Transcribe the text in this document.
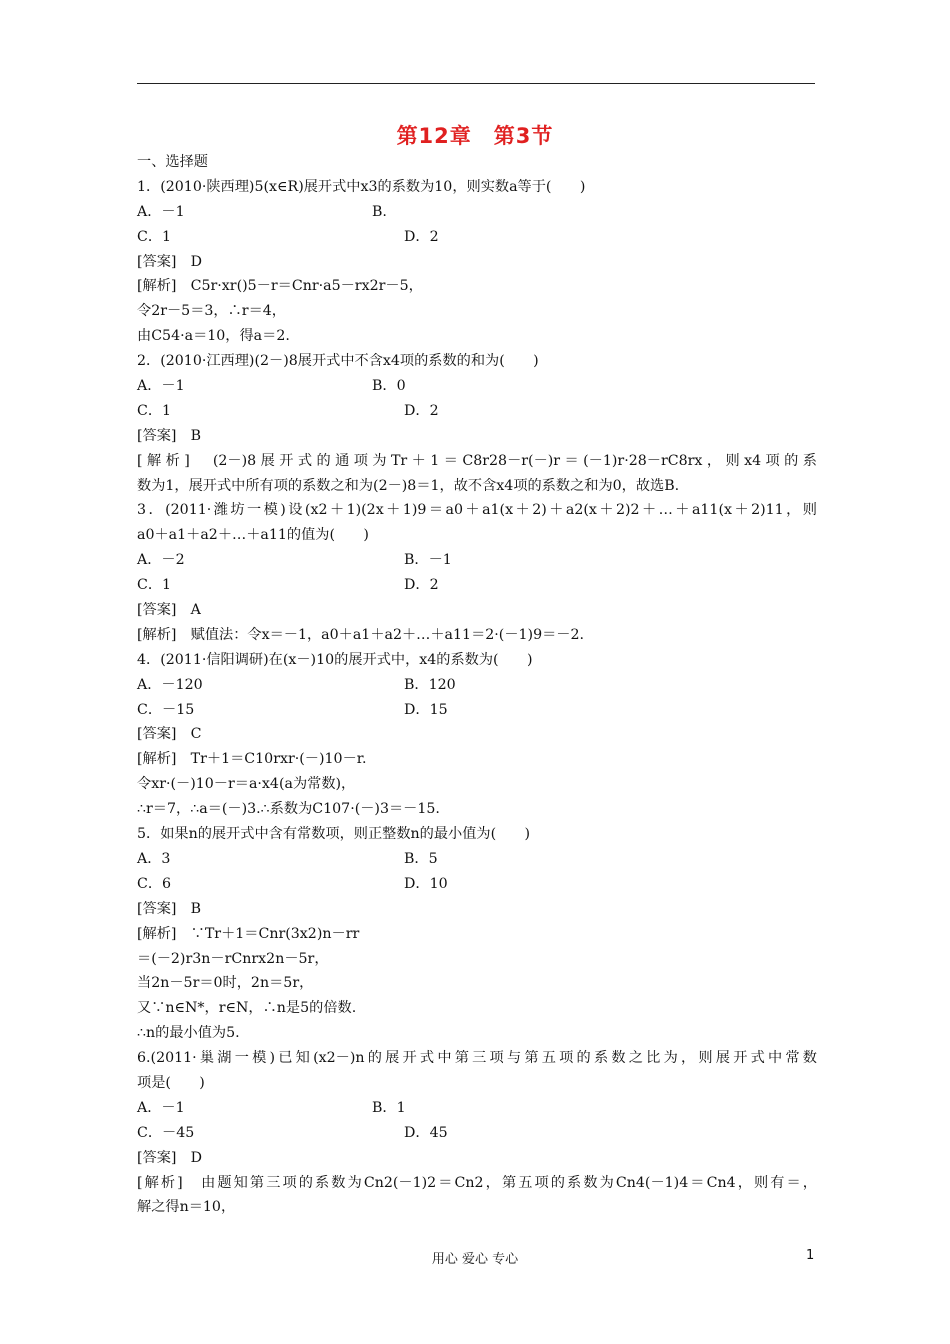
第12章 第3节
一、选择题
1．(2010·陕西理)5(x∈R)展开式中x3的系数为10，则实数a等于(　　)
A．－1	B.
C．1	D．2
[答案]　D
[解析]　C5r·xr()5－r＝Cnr·a5－rx2r－5，
令2r－5＝3，∴r＝4，
由C54·a＝10，得a＝2.
2．(2010·江西理)(2－)8展开式中不含x4项的系数的和为(　　)
A．－1	B．0
C．1	D．2
[答案]　B
[解析]　(2－)8展开式的通项为Tr＋1＝C8r28－r(－)r＝(－1)r·28－rC8rx，则x4项的系
数为1，展开式中所有项的系数之和为(2－)8＝1，故不含x4项的系数之和为0，故选B.
3．(2011·潍坊一模)设(x2＋1)(2x＋1)9＝a0＋a1(x＋2)＋a2(x＋2)2＋…＋a11(x＋2)11，则
a0＋a1＋a2＋…＋a11的值为(　　)
A．－2	B．－1
C．1	D．2
[答案]　A
[解析]　赋值法：令x＝－1，a0＋a1＋a2＋…＋a11＝2·(－1)9＝－2.
4．(2011·信阳调研)在(x－)10的展开式中，x4的系数为(　　)
A．－120	B．120
C．－15	D．15
[答案]　C
[解析]　Tr＋1＝C10rxr·(－)10－r.
令xr·(－)10－r＝a·x4(a为常数)，
∴r＝7，∴a＝(－)3.∴系数为C107·(－)3＝－15.
5．如果n的展开式中含有常数项，则正整数n的最小值为(　　)
A．3	B．5
C．6	D．10
[答案]　B
[解析]　∵Tr＋1＝Cnr(3x2)n－rr
＝(－2)r3n－rCnrx2n－5r，
当2n－5r＝0时，2n＝5r，
又∵n∈N*，r∈N，∴n是5的倍数.
∴n的最小值为5.
6.(2011·巢湖一模)已知(x2－)n的展开式中第三项与第五项的系数之比为，则展开式中常数
项是(　　)
A．－1	B．1
C．－45	D．45
[答案]　D
[解析]　由题知第三项的系数为Cn2(－1)2＝Cn2，第五项的系数为Cn4(－1)4＝Cn4，则有＝，
解之得n＝10，
用心 爱心 专心	1
